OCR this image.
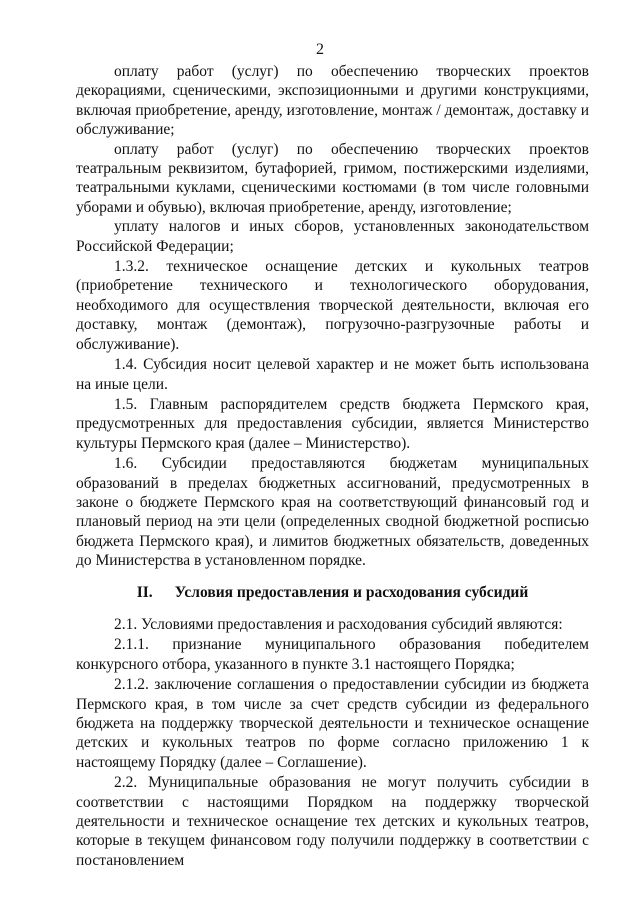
2

оплату работ (услуг) по обеспечению творческих проектов декорациями, сценическими, экспозиционными и другими конструкциями, включая приобретение, аренду, изготовление, монтаж / демонтаж, доставку и обслуживание;

оплату работ (услуг) по обеспечению творческих проектов театральным реквизитом, бутафорией, гримом, постижерскими изделиями, театральными куклами, сценическими костюмами (в том числе головными уборами и обувью), включая приобретение, аренду, изготовление;

уплату налогов и иных сборов, установленных законодательством Российской Федерации;

1.3.2. техническое оснащение детских и кукольных театров (приобретение технического и технологического оборудования, необходимого для осуществления творческой деятельности, включая его доставку, монтаж (демонтаж), погрузочно-разгрузочные работы и обслуживание).

1.4. Субсидия носит целевой характер и не может быть использована на иные цели.

1.5. Главным распорядителем средств бюджета Пермского края, предусмотренных для предоставления субсидии, является Министерство культуры Пермского края (далее – Министерство).

1.6. Субсидии предоставляются бюджетам муниципальных образований в пределах бюджетных ассигнований, предусмотренных в законе о бюджете Пермского края на соответствующий финансовый год и плановый период на эти цели (определенных сводной бюджетной росписью бюджета Пермского края), и лимитов бюджетных обязательств, доведенных до Министерства в установленном порядке.

II.	Условия предоставления и расходования субсидий

2.1. Условиями предоставления и расходования субсидий являются:

2.1.1. признание муниципального образования победителем конкурсного отбора, указанного в пункте 3.1 настоящего Порядка;

2.1.2. заключение соглашения о предоставлении субсидии из бюджета Пермского края, в том числе за счет средств субсидии из федерального бюджета на поддержку творческой деятельности и техническое оснащение детских и кукольных театров по форме согласно приложению 1 к настоящему Порядку (далее – Соглашение).

2.2. Муниципальные образования не могут получить субсидии в соответствии с настоящими Порядком на поддержку творческой деятельности и техническое оснащение тех детских и кукольных театров, которые в текущем финансовом году получили поддержку в соответствии с постановлением
